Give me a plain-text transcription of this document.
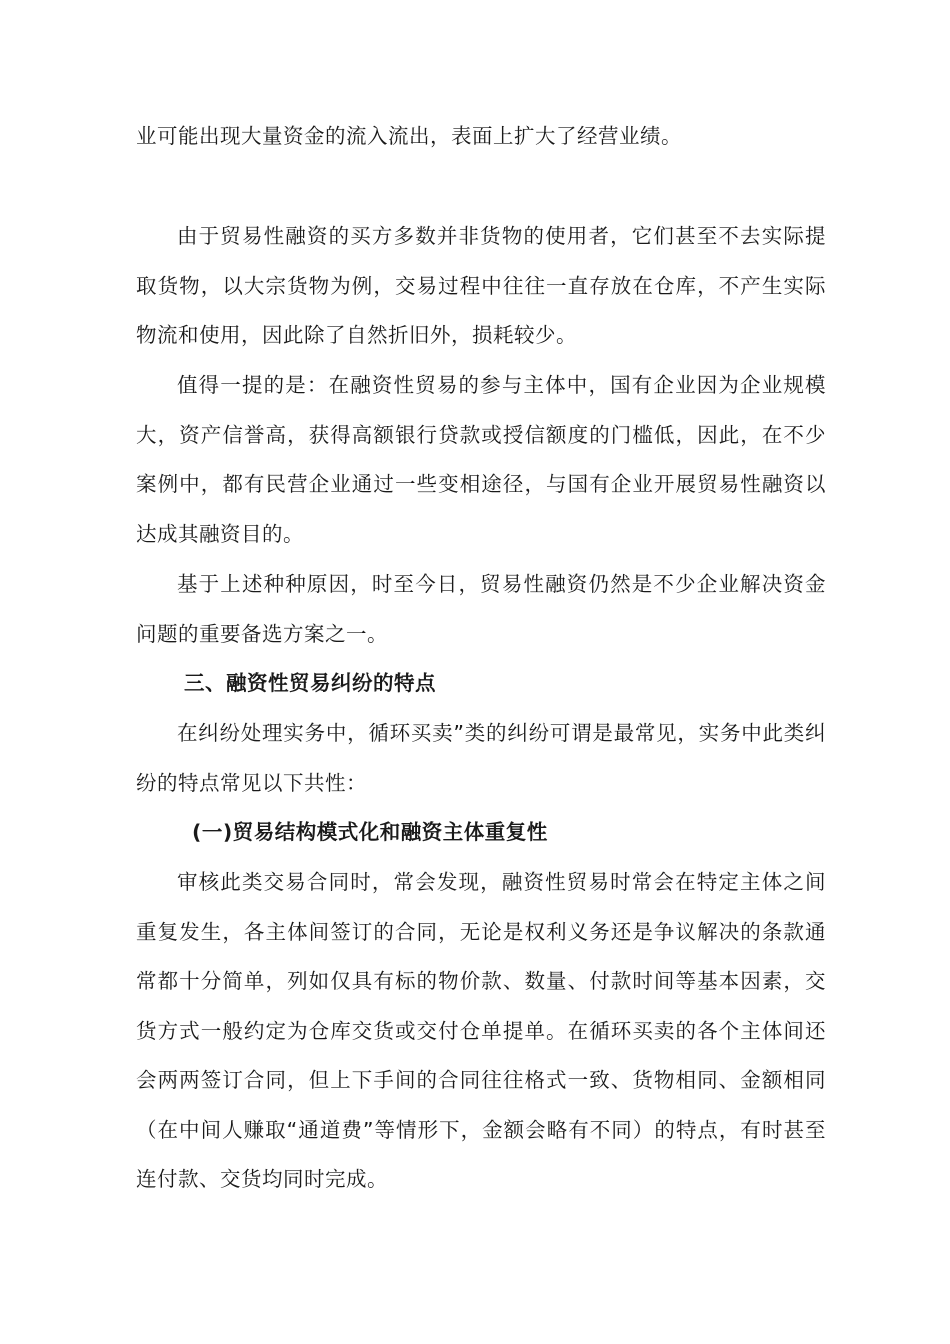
业可能出现大量资金的流入流出，表面上扩大了经营业绩。

由于贸易性融资的买方多数并非货物的使用者，它们甚至不去实际提取货物，以大宗货物为例，交易过程中往往一直存放在仓库，不产生实际物流和使用，因此除了自然折旧外，损耗较少。

值得一提的是：在融资性贸易的参与主体中，国有企业因为企业规模大，资产信誉高，获得高额银行贷款或授信额度的门槛低，因此，在不少案例中，都有民营企业通过一些变相途径，与国有企业开展贸易性融资以达成其融资目的。

基于上述种种原因，时至今日，贸易性融资仍然是不少企业解决资金问题的重要备选方案之一。

三、融资性贸易纠纷的特点

在纠纷处理实务中，循环买卖”类的纠纷可谓是最常见，实务中此类纠纷的特点常见以下共性：

(一)贸易结构模式化和融资主体重复性

审核此类交易合同时，常会发现，融资性贸易时常会在特定主体之间重复发生，各主体间签订的合同，无论是权利义务还是争议解决的条款通常都十分简单，列如仅具有标的物价款、数量、付款时间等基本因素，交货方式一般约定为仓库交货或交付仓单提单。在循环买卖的各个主体间还会两两签订合同，但上下手间的合同往往格式一致、货物相同、金额相同（在中间人赚取“通道费”等情形下，金额会略有不同）的特点，有时甚至连付款、交货均同时完成。
